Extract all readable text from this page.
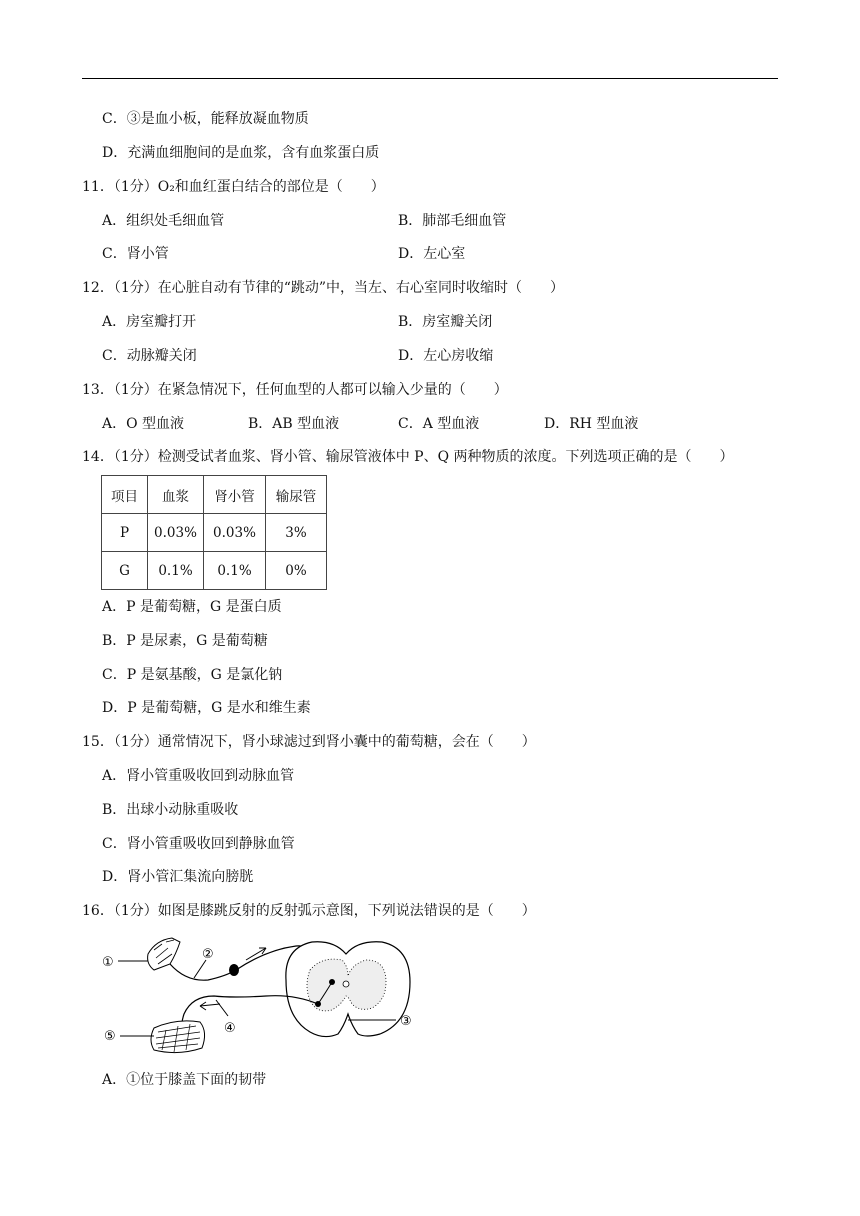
C．③是血小板，能释放凝血物质
D．充满血细胞间的是血浆，含有血浆蛋白质
11．（1分）O₂和血红蛋白结合的部位是（　　）
A．组织处毛细血管	B．肺部毛细血管
C．肾小管	D．左心室
12．（1分）在心脏自动有节律的“跳动”中，当左、右心室同时收缩时（　　）
A．房室瓣打开	B．房室瓣关闭
C．动脉瓣关闭	D．左心房收缩
13．（1分）在紧急情况下，任何血型的人都可以输入少量的（　　）
A．O 型血液	B．AB 型血液	C．A 型血液	D．RH 型血液
14．（1分）检测受试者血浆、肾小管、输尿管液体中 P、Q 两种物质的浓度。下列选项正确的是（　　）
项目	血浆	肾小管	输尿管
P	0.03%	0.03%	3%
G	0.1%	0.1%	0%
A．P 是葡萄糖，G 是蛋白质
B．P 是尿素，G 是葡萄糖
C．P 是氨基酸，G 是氯化钠
D．P 是葡萄糖，G 是水和维生素
15．（1分）通常情况下，肾小球滤过到肾小囊中的葡萄糖，会在（　　）
A．肾小管重吸收回到动脉血管
B．出球小动脉重吸收
C．肾小管重吸收回到静脉血管
D．肾小管汇集流向膀胱
16．（1分）如图是膝跳反射的反射弧示意图，下列说法错误的是（　　）
①
②
③
④
⑤
A．①位于膝盖下面的韧带
